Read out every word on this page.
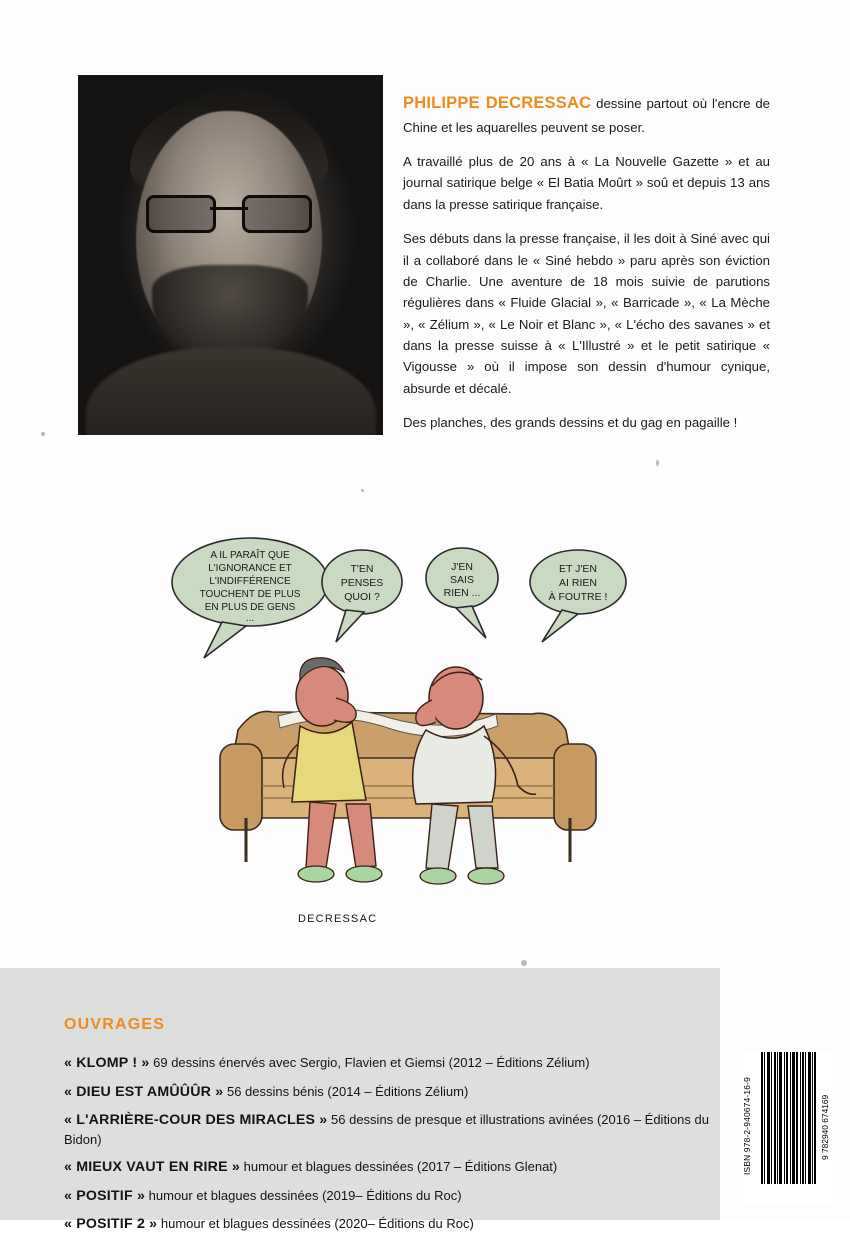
PHILIPPE DECRESSAC dessine partout où l'encre de Chine et les aquarelles peuvent se poser.

A travaillé plus de 20 ans à « La Nouvelle Gazette » et au journal satirique belge « El Batia Moûrt » soû et depuis 13 ans dans la presse satirique française.

Ses débuts dans la presse française, il les doit à Siné avec qui il a collaboré dans le « Siné hebdo » paru après son éviction de Charlie. Une aventure de 18 mois suivie de parutions régulières dans « Fluide Glacial », « Barricade », « La Mèche », « Zélium », « Le Noir et Blanc », « L'écho des savanes » et dans la presse suisse à « L'Illustré » et le petit satirique « Vigousse » où il impose son dessin d'humour cynique, absurde et décalé.

Des planches, des grands dessins et du gag en pagaille !

A IL PARAÎT QUE
L'IGNORANCE ET
L'INDIFFÉRENCE
TOUCHENT DE PLUS
EN PLUS DE GENS
...
T'EN
PENSES
QUOI ?
J'EN
SAIS
RIEN ...
ET J'EN
AI RIEN
À FOUTRE !
DECRESSAC
OUVRAGES
« KLOMP ! » 69 dessins énervés avec Sergio, Flavien et Giemsi (2012 – Éditions Zélium)
« DIEU EST AMÛÛÛR » 56 dessins bénis (2014 – Éditions Zélium)
« L'ARRIÈRE-COUR DES MIRACLES » 56 dessins de presque et illustrations avinées (2016 – Éditions du Bidon)
« MIEUX VAUT EN RIRE » humour et blagues dessinées (2017 – Éditions Glenat)
« POSITIF » humour et blagues dessinées (2019– Éditions du Roc)
« POSITIF 2 » humour et blagues dessinées (2020– Éditions du Roc)
ISBN 978-2-940674-16-9	9 782940 674169
